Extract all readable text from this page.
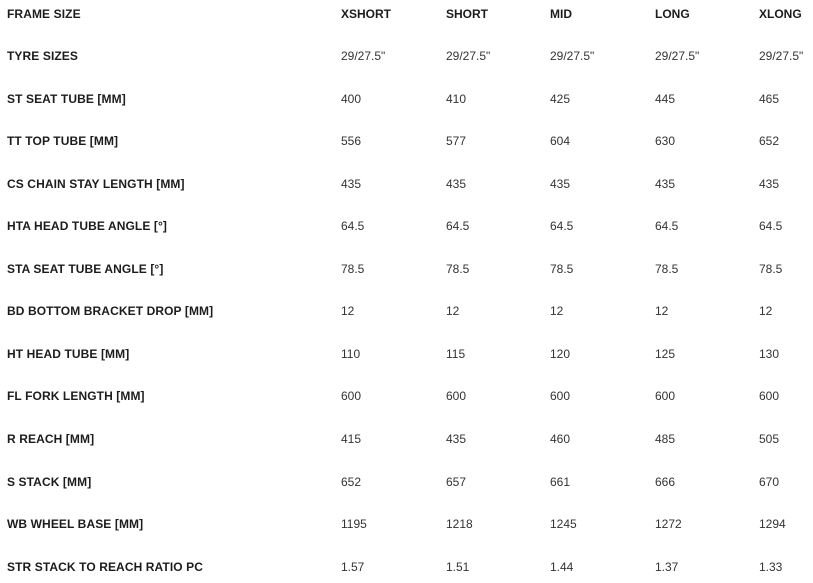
FRAME SIZE	XSHORT	SHORT	MID	LONG	XLONG
TYRE SIZES	29/27.5"	29/27.5"	29/27.5"	29/27.5"	29/27.5"
ST SEAT TUBE [MM]	400	410	425	445	465
TT TOP TUBE [MM]	556	577	604	630	652
CS CHAIN STAY LENGTH [MM]	435	435	435	435	435
HTA HEAD TUBE ANGLE [°]	64.5	64.5	64.5	64.5	64.5
STA SEAT TUBE ANGLE [°]	78.5	78.5	78.5	78.5	78.5
BD BOTTOM BRACKET DROP [MM]	12	12	12	12	12
HT HEAD TUBE [MM]	110	115	120	125	130
FL FORK LENGTH [MM]	600	600	600	600	600
R REACH [MM]	415	435	460	485	505
S STACK [MM]	652	657	661	666	670
WB WHEEL BASE [MM]	1195	1218	1245	1272	1294
STR STACK TO REACH RATIO PC	1.57	1.51	1.44	1.37	1.33
